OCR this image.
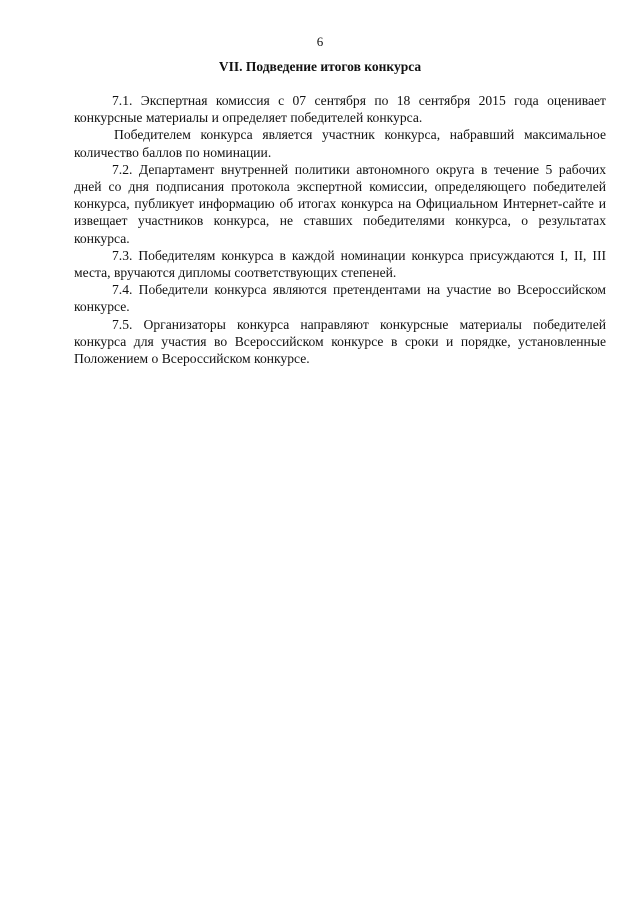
6
VII. Подведение итогов конкурса

7.1. Экспертная комиссия с 07 сентября по 18 сентября 2015 года оценивает конкурсные материалы и определяет победителей конкурса.

Победителем конкурса является участник конкурса, набравший максимальное количество баллов по номинации.

7.2. Департамент внутренней политики автономного округа в течение 5 рабочих дней со дня подписания протокола экспертной комиссии, определяющего победителей конкурса, публикует информацию об итогах конкурса на Официальном Интернет-сайте и извещает участников конкурса, не ставших победителями конкурса, о результатах конкурса.

7.3. Победителям конкурса в каждой номинации конкурса присуждаются I, II, III места, вручаются дипломы соответствующих степеней.

7.4. Победители конкурса являются претендентами на участие во Всероссийском конкурсе.

7.5. Организаторы конкурса направляют конкурсные материалы победителей конкурса для участия во Всероссийском конкурсе в сроки и порядке, установленные Положением о Всероссийском конкурсе.
